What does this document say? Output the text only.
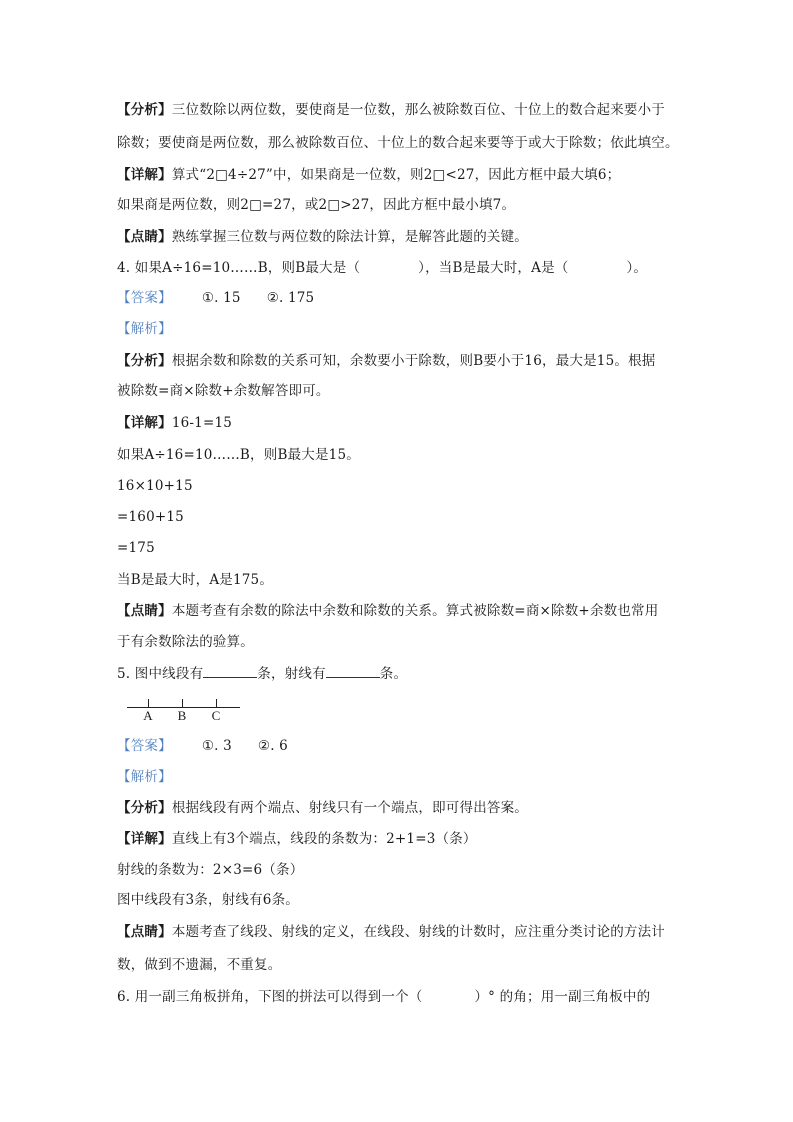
【分析】三位数除以两位数，要使商是一位数，那么被除数百位、十位上的数合起来要小于
除数；要使商是两位数，那么被除数百位、十位上的数合起来要等于或大于除数；依此填空。
【详解】算式“2□4÷27”中，如果商是一位数，则2□<27，因此方框中最大填6；
如果商是两位数，则2□=27，或2□>27，因此方框中最小填7。
【点睛】熟练掌握三位数与两位数的除法计算，是解答此题的关键。
4. 如果A÷16=10……B，则B最大是（	），当B是最大时，A是（	）。
【答案】 ①. 15 ②. 175
【解析】
【分析】根据余数和除数的关系可知，余数要小于除数，则B要小于16，最大是15。根据
被除数=商×除数+余数解答即可。
【详解】16-1=15
如果A÷16=10……B，则B最大是15。
16×10+15
=160+15
=175
当B是最大时，A是175。
【点睛】本题考查有余数的除法中余数和除数的关系。算式被除数=商×除数+余数也常用
于有余数除法的验算。
5. 图中线段有	条，射线有	条。
A B C
【答案】 ①. 3 ②. 6
【解析】
【分析】根据线段有两个端点、射线只有一个端点，即可得出答案。
【详解】直线上有3个端点，线段的条数为：2+1=3（条）
射线的条数为：2×3=6（条）
图中线段有3条，射线有6条。
【点睛】本题考查了线段、射线的定义，在线段、射线的计数时，应注重分类讨论的方法计
数，做到不遗漏，不重复。
6. 用一副三角板拼角，下图的拼法可以得到一个（	）° 的角；用一副三角板中的
